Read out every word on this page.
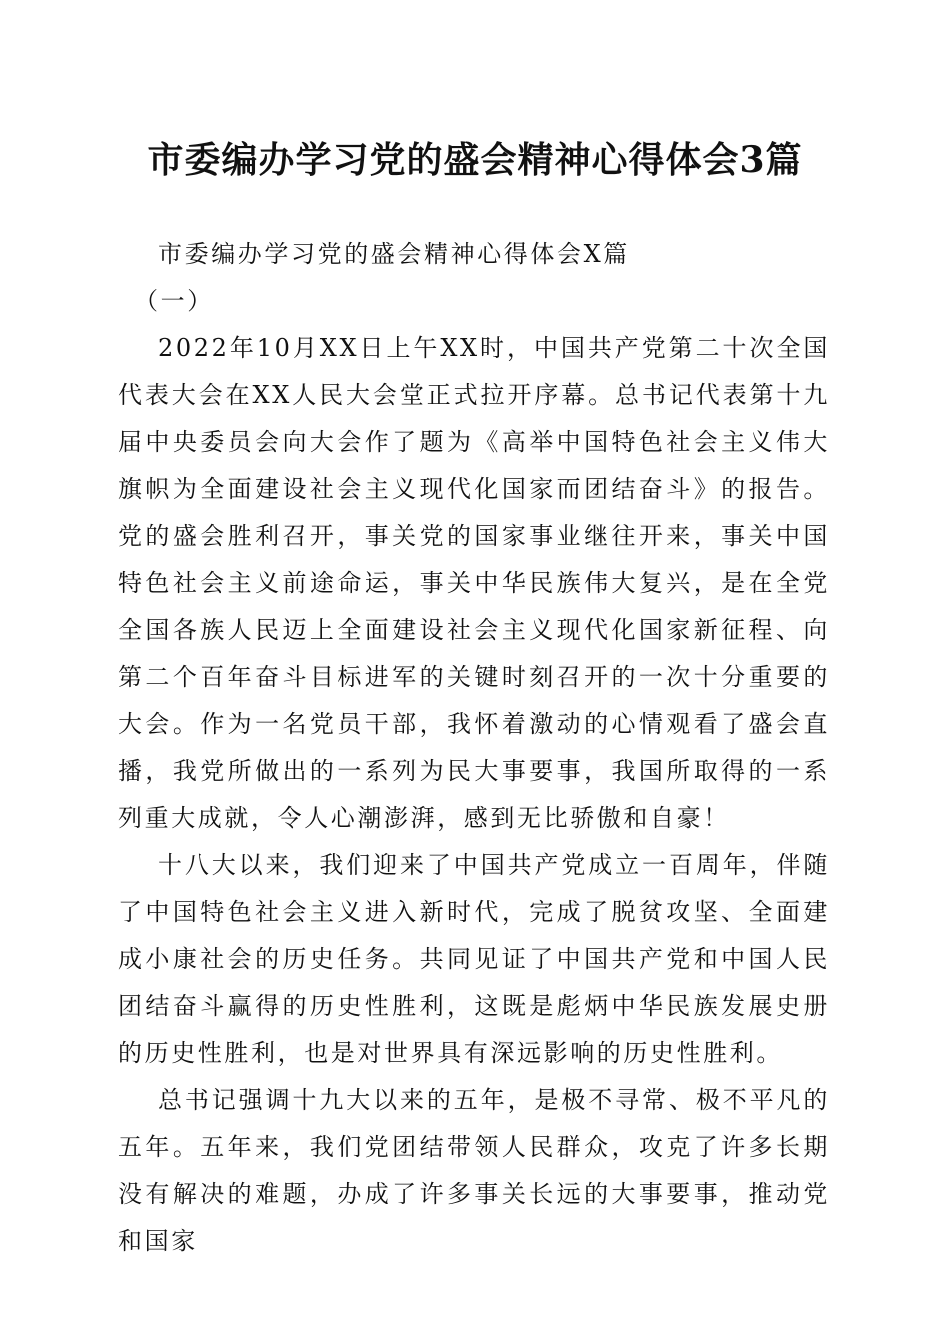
市委编办学习党的盛会精神心得体会3篇

市委编办学习党的盛会精神心得体会X篇

（一）

2022年10月XX日上午XX时，中国共产党第二十次全国代表大会在XX人民大会堂正式拉开序幕。总书记代表第十九届中央委员会向大会作了题为《高举中国特色社会主义伟大旗帜为全面建设社会主义现代化国家而团结奋斗》的报告。党的盛会胜利召开，事关党的国家事业继往开来，事关中国特色社会主义前途命运，事关中华民族伟大复兴，是在全党全国各族人民迈上全面建设社会主义现代化国家新征程、向第二个百年奋斗目标进军的关键时刻召开的一次十分重要的大会。作为一名党员干部，我怀着激动的心情观看了盛会直播，我党所做出的一系列为民大事要事，我国所取得的一系列重大成就，令人心潮澎湃，感到无比骄傲和自豪！

十八大以来，我们迎来了中国共产党成立一百周年，伴随了中国特色社会主义进入新时代，完成了脱贫攻坚、全面建成小康社会的历史任务。共同见证了中国共产党和中国人民团结奋斗赢得的历史性胜利，这既是彪炳中华民族发展史册的历史性胜利，也是对世界具有深远影响的历史性胜利。

总书记强调十九大以来的五年，是极不寻常、极不平凡的五年。五年来，我们党团结带领人民群众，攻克了许多长期没有解决的难题，办成了许多事关长远的大事要事，推动党和国家
